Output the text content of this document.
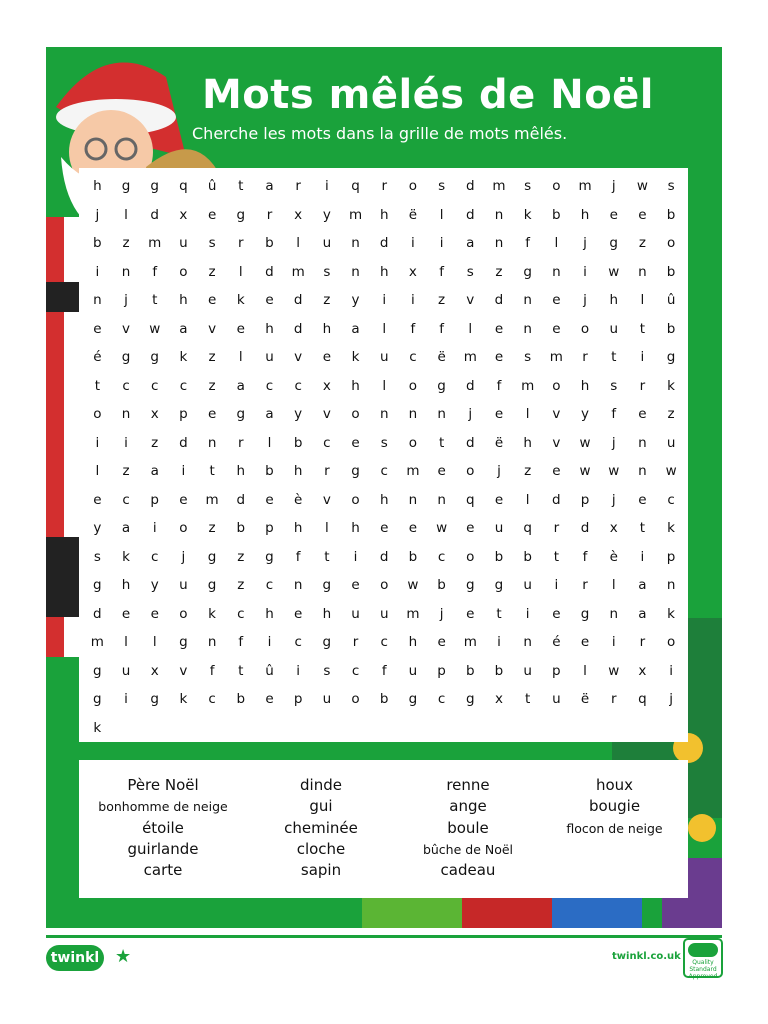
Mots mêlés de Noël
Cherche les mots dans la grille de mots mêlés.
h	g	g	q	û	t	a	r	i	q	r	o	s	d	m	s	o	m	j	w	s
j	l	d	x	e	g	r	x	y	m	h	ë	l	d	n	k	b	h	e	e	b
b	z	m	u	s	r	b	l	u	n	d	i	i	a	n	f	l	j	g	z	o
i	n	f	o	z	l	d	m	s	n	h	x	f	s	z	g	n	i	w	n	b
n	j	t	h	e	k	e	d	z	y	i	i	z	v	d	n	e	j	h	l	û
e	v	w	a	v	e	h	d	h	a	l	f	f	l	e	n	e	o	u	t	b
é	g	g	k	z	l	u	v	e	k	u	c	ë	m	e	s	m	r	t	i	g
t	c	c	c	z	a	c	c	x	h	l	o	g	d	f	m	o	h	s	r	k
o	n	x	p	e	g	a	y	v	o	n	n	n	j	e	l	v	y	f	e	z
i	i	z	d	n	r	l	b	c	e	s	o	t	d	ë	h	v	w	j	n	u
l	z	a	i	t	h	b	h	r	g	c	m	e	o	j	z	e	w	w	n	w
e	c	p	e	m	d	e	è	v	o	h	n	n	q	e	l	d	p	j	e	c
y	a	i	o	z	b	p	h	l	h	e	e	w	e	u	q	r	d	x	t	k
s	k	c	j	g	z	g	f	t	i	d	b	c	o	b	b	t	f	è	i	p
g	h	y	u	g	z	c	n	g	e	o	w	b	g	g	u	i	r	l	a	n
d	e	e	o	k	c	h	e	h	u	u	m	j	e	t	i	e	g	n	a	k
m	l	l	g	n	f	i	c	g	r	c	h	e	m	i	n	é	e	i	r	o
g	u	x	v	f	t	û	i	s	c	f	u	p	b	b	u	p	l	w	x	i
g	i	g	k	c	b	e	p	u	o	b	g	c	g	x	t	u	ë	r	q	j
k
Père Noël
bonhomme de neige
étoile
guirlande
carte
dinde
gui
cheminée
cloche
sapin
renne
ange
boule
bûche de Noël
cadeau
houx
bougie
flocon de neige
twinkl ★	twinkl.co.uk
Quality Standard Approved
